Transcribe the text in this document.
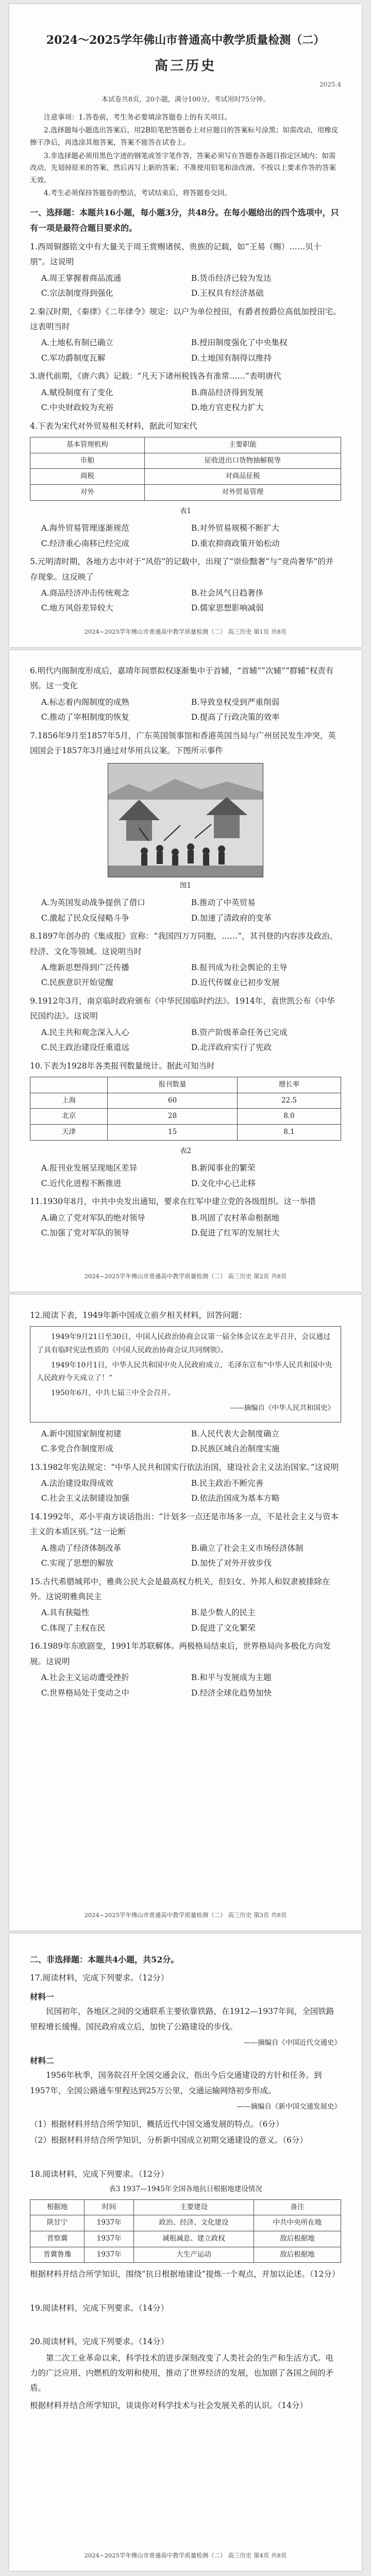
2024～2025学年佛山市普通高中教学质量检测（二）
高三历史
2025.4
本试卷共8页，20小题，满分100分。考试用时75分钟。

注意事项：1.答卷前，考生务必要填涂答题卷上的有关项目。

2.选择题每小题选出答案后，用2B铅笔把答题卷上对应题目的答案标号涂黑；如需改动，用橡皮擦干净后，再选涂其他答案，答案不能答在试卷上。

3.非选择题必须用黑色字迹的钢笔或签字笔作答，答案必须写在答题卷各题目指定区域内；如需改动，先划掉原来的答案，然后再写上新的答案；不准使用铅笔和涂改液。不按以上要求作答的答案无效。

4.考生必须保持答题卷的整洁，考试结束后，将答题卷交回。

一、选择题：本题共16小题，每小题3分，共48分。在每小题给出的四个选项中，只有一项是最符合题目要求的。
1.西周铜器铭文中有大量关于周王赏赐诸侯、贵族的记载，如“王易（赐）……贝十朋”。这说明
A.周王掌握着商品流通	B.货币经济已较为发达
C.宗法制度得到强化	D.王权具有经济基础
2.秦汉时期，《秦律》《二年律令》规定：以户为单位授田，有爵者按爵位高低加授田宅。这表明当时
A.土地私有制已确立	B.授田制度强化了中央集权
C.军功爵制度瓦解	D.土地国有制得以维持
3.唐代前期，《唐六典》记载：“凡天下诸州税钱各有准常……”表明唐代
A.赋役制度有了变化	B.商品经济得到发展
C.中央财政较为充裕	D.地方官吏权力扩大
4.下表为宋代对外贸易相关材料，据此可知宋代
基本管理机构	主要职能
市舶	征收进出口货物抽解税等
商税	对商品征税
对外	对外贸易管理
表1
A.海外贸易管理逐渐规范	B.对外贸易规模不断扩大
C.经济重心南移已经完成	D.重农抑商政策开始松动
5.元明清时期，各地方志中对于“风俗”的记载中，出现了“崇俭黜奢”与“竞尚奢华”的并存现象。这反映了
A.商品经济冲击传统观念	B.社会风气日趋奢侈
C.地方风俗差异较大	D.儒家思想影响减弱
2024~2025学年佛山市普通高中教学质量检测（二） 高三历史 第1页 共8页
6.明代内阁制度形成后，嘉靖年间票拟权逐渐集中于首辅，“首辅”“次辅”“群辅”权责有别。这一变化
A.标志着内阁制度的成熟	B.导致皇权受到严重削弱
C.推动了宰相制度的恢复	D.提高了行政决策的效率
7.1856年9月至1857年5月，广东英国领事馆和香港英国当局与广州居民发生冲突，英国国会于1857年3月通过对华用兵议案。下图所示事件
图1
A.为英国发动战争提供了借口	B.推动了中英贸易
C.激起了民众反侵略斗争	D.加速了清政府的变革
8.1897年创办的《集成报》宣称：“我国四万万同胞，……”，其刊登的内容涉及政治、经济、文化等领域。这说明当时
A.维新思想得到广泛传播	B.报刊成为社会舆论的主导
C.民族意识开始觉醒	D.近代传媒业已初步发展
9.1912年3月，南京临时政府颁布《中华民国临时约法》。1914年，袁世凯公布《中华民国约法》。这说明
A.民主共和观念深入人心	B.资产阶级革命任务已完成
C.民主政治建设任重道远	D.北洋政府实行了宪政
10.下表为1928年各类报刊数量统计。据此可知当时
	报刊数量	增长率
上海	60	22.5
北京	28	8.0
天津	15	8.1
表2
A.报刊业发展呈现地区差异	B.新闻事业的繁荣
C.近代化进程不断推进	D.文化中心已北移
11.1930年8月，中共中央发出通知，要求在红军中建立党的各级组织。这一举措
A.确立了党对军队的绝对领导	B.巩固了农村革命根据地
C.加强了党对军队的领导	D.促进了红军的发展壮大
2024~2025学年佛山市普通高中教学质量检测（二） 高三历史 第2页 共8页
12.阅读下表，1949年新中国成立前夕相关材料，回答问题：

1949年9月21日至30日，中国人民政治协商会议第一届全体会议在北平召开，会议通过了具有临时宪法性质的《中国人民政治协商会议共同纲领》。

1949年10月1日，中华人民共和国中央人民政府成立，毛泽东宣布“中华人民共和国中央人民政府今天成立了！”

1950年6月，中共七届三中全会召开。

——摘编自《中华人民共和国史》
A.新中国国家制度初建	B.人民代表大会制度确立
C.多党合作制度形成	D.民族区域自治制度实施
13.1982年宪法规定：“中华人民共和国实行依法治国，建设社会主义法治国家。”这说明
A.法治建设取得成效	B.民主政治不断完善
C.社会主义法制建设加强	D.依法治国成为基本方略
14.1992年，邓小平南方谈话指出：“计划多一点还是市场多一点，不是社会主义与资本主义的本质区别。”这一论断
A.推动了经济体制改革	B.确立了社会主义市场经济体制
C.实现了思想的解放	D.加快了对外开放步伐
15.古代希腊城邦中，雅典公民大会是最高权力机关，但妇女、外邦人和奴隶被排除在外。这说明雅典民主
A.具有狭隘性	B.是少数人的民主
C.体现了主权在民	D.促进了文化繁荣
16.1989年东欧剧变，1991年苏联解体。两极格局结束后，世界格局向多极化方向发展。这说明
A.社会主义运动遭受挫折	B.和平与发展成为主题
C.世界格局处于变动之中	D.经济全球化趋势加快
2024~2025学年佛山市普通高中教学质量检测（二） 高三历史 第3页 共8页
二、非选择题：本题共4小题，共52分。
17.阅读材料，完成下列要求。（12分）
材料一
民国初年，各地区之间的交通联系主要依靠铁路，在1912—1937年间，全国铁路里程增长缓慢。国民政府成立后，加快了公路建设的步伐。
——摘编自《中国近代交通史》
材料二
1956年秋季，国务院召开全国交通会议，指出今后交通建设的方针和任务。到1957年，全国公路通车里程达到25万公里，交通运输网络初步形成。
——摘编自《新中国交通发展史》
（1）根据材料并结合所学知识，概括近代中国交通发展的特点。（6分）
（2）根据材料并结合所学知识，分析新中国成立初期交通建设的意义。（6分）
18.阅读材料，完成下列要求。（12分）
表3 1937—1945年全国各地抗日根据地建设情况
根据地	时间	主要建设	备注
陕甘宁	1937年	政治、经济、文化建设	中共中央所在地
晋察冀	1937年	减租减息、建立政权	敌后根据地
晋冀鲁豫	1937年	大生产运动	敌后根据地
根据材料并结合所学知识，围绕“抗日根据地建设”提炼一个观点，并加以论述。（12分）
19.阅读材料，完成下列要求。（14分）
20.阅读材料，完成下列要求。（14分）
第二次工业革命以来，科学技术的进步深刻改变了人类社会的生产和生活方式。电力的广泛应用、内燃机的发明和使用，推动了世界经济的发展，也加剧了各国之间的矛盾。
根据材料并结合所学知识，谈谈你对科学技术与社会发展关系的认识。（14分）
2024~2025学年佛山市普通高中教学质量检测（二） 高三历史 第4页 共8页
